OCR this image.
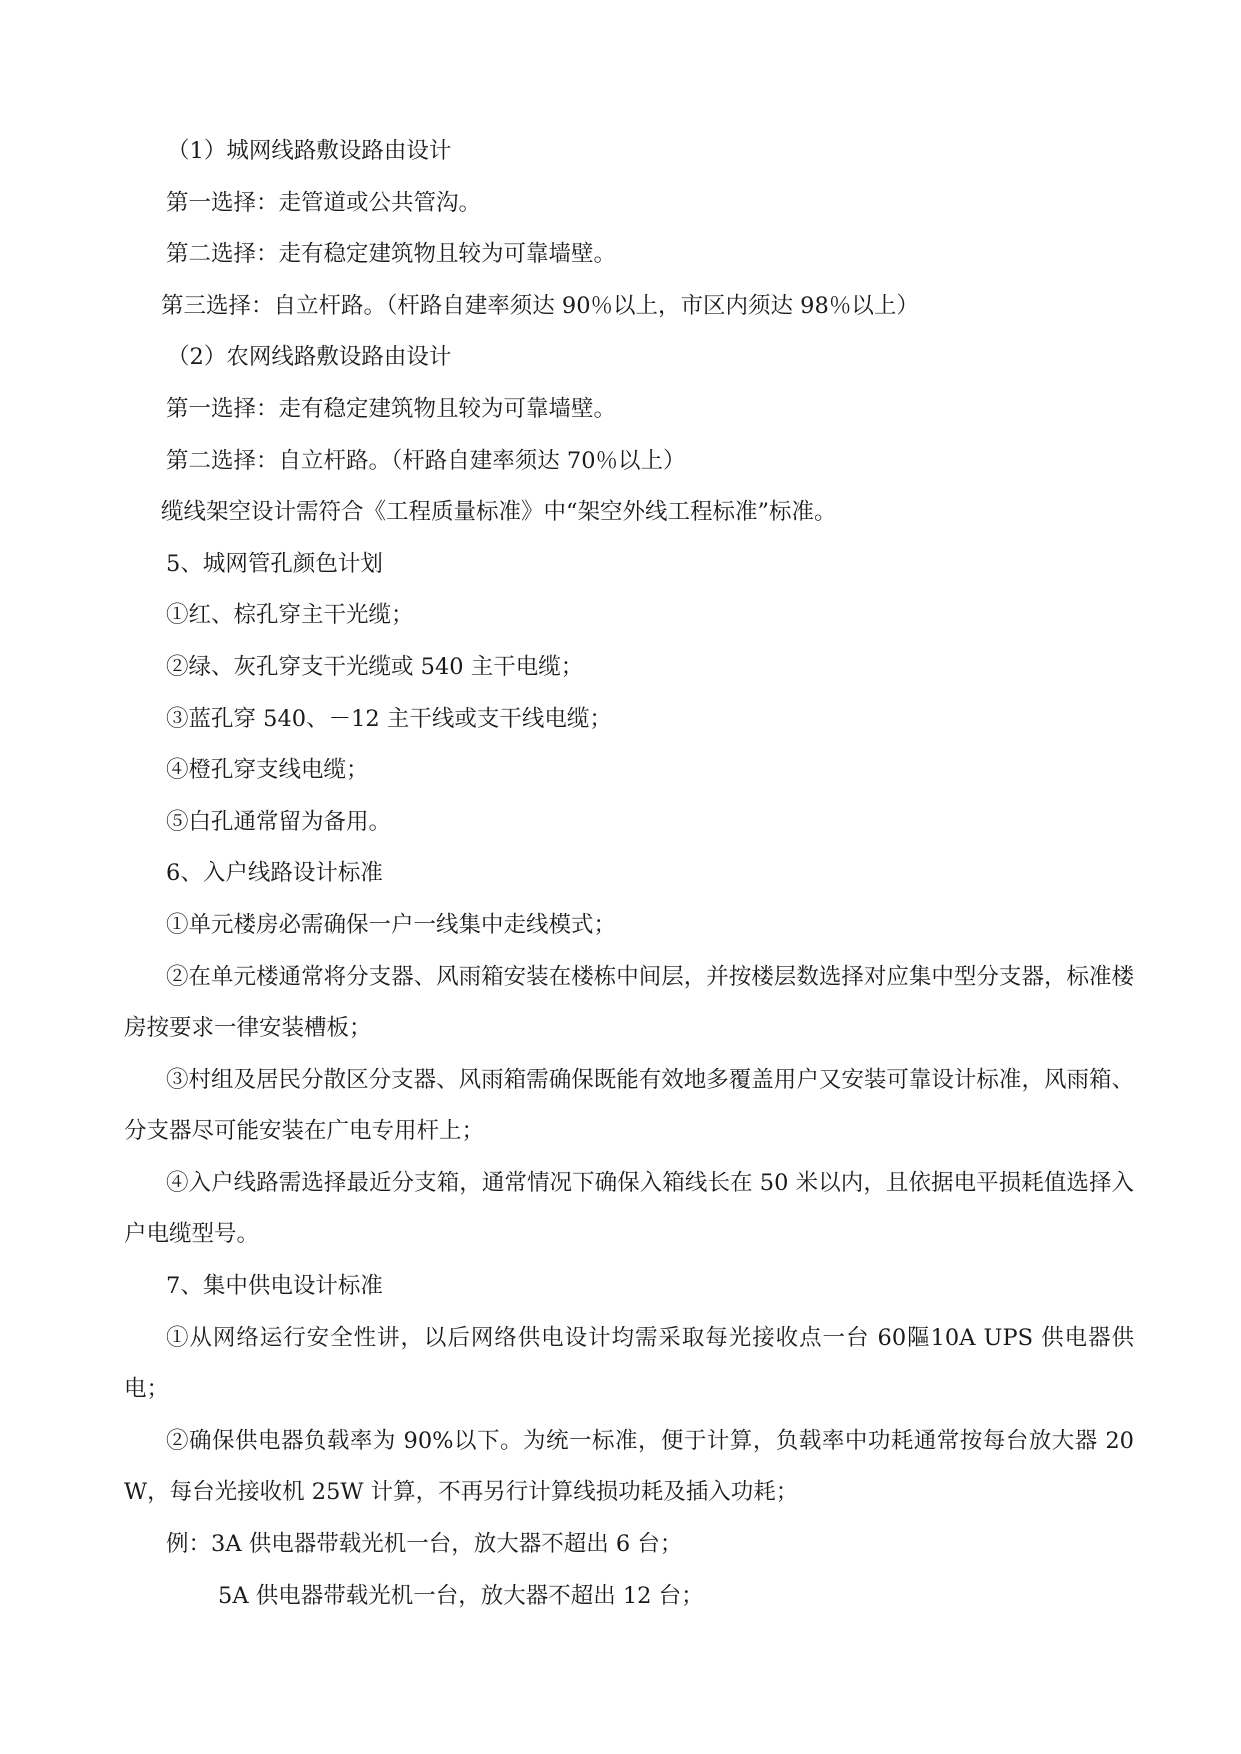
（1）城网线路敷设路由设计

第一选择：走管道或公共管沟。

第二选择：走有稳定建筑物且较为可靠墙壁。

第三选择：自立杆路。（杆路自建率须达 90％以上，市区内须达 98％以上）

（2）农网线路敷设路由设计

第一选择：走有稳定建筑物且较为可靠墙壁。

第二选择：自立杆路。（杆路自建率须达 70％以上）

缆线架空设计需符合《工程质量标准》中“架空外线工程标准”标准。

5、城网管孔颜色计划

①红、棕孔穿主干光缆；

②绿、灰孔穿支干光缆或 540 主干电缆；

③蓝孔穿 540、－12 主干线或支干线电缆；

④橙孔穿支线电缆；

⑤白孔通常留为备用。

6、入户线路设计标准

①单元楼房必需确保一户一线集中走线模式；

②在单元楼通常将分支器、风雨箱安装在楼栋中间层，并按楼层数选择对应集中型分支器，标准楼房按要求一律安装槽板；

③村组及居民分散区分支器、风雨箱需确保既能有效地多覆盖用户又安装可靠设计标准，风雨箱、分支器尽可能安装在广电专用杆上；

④入户线路需选择最近分支箱，通常情况下确保入箱线长在 50 米以内，且依据电平损耗值选择入户电缆型号。

7、集中供电设计标准

①从网络运行安全性讲，以后网络供电设计均需采取每光接收点一台 60䧢10A UPS 供电器供电；

②确保供电器负载率为 90%以下。为统一标准，便于计算，负载率中功耗通常按每台放大器 20W，每台光接收机 25W 计算，不再另行计算线损功耗及插入功耗；

例：3A 供电器带载光机一台，放大器不超出 6 台；

5A 供电器带载光机一台，放大器不超出 12 台；
